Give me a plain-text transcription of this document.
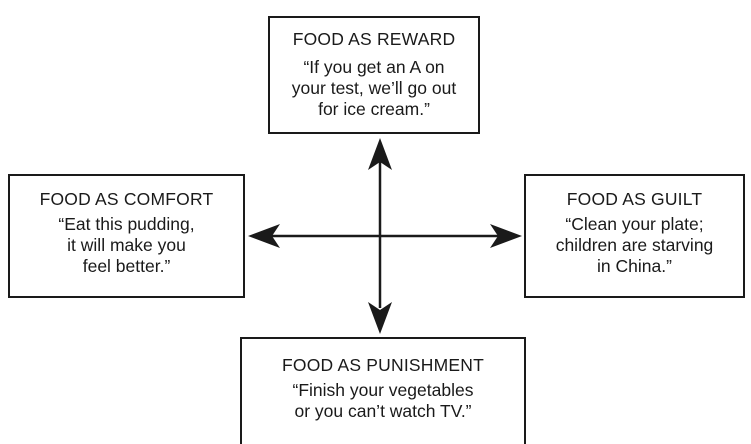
FOOD AS REWARD
“If you get an A on
your test, we’ll go out
for ice cream.”
FOOD AS COMFORT
“Eat this pudding,
it will make you
feel better.”
FOOD AS GUILT
“Clean your plate;
children are starving
in China.”
FOOD AS PUNISHMENT
“Finish your vegetables
or you can’t watch TV.”
